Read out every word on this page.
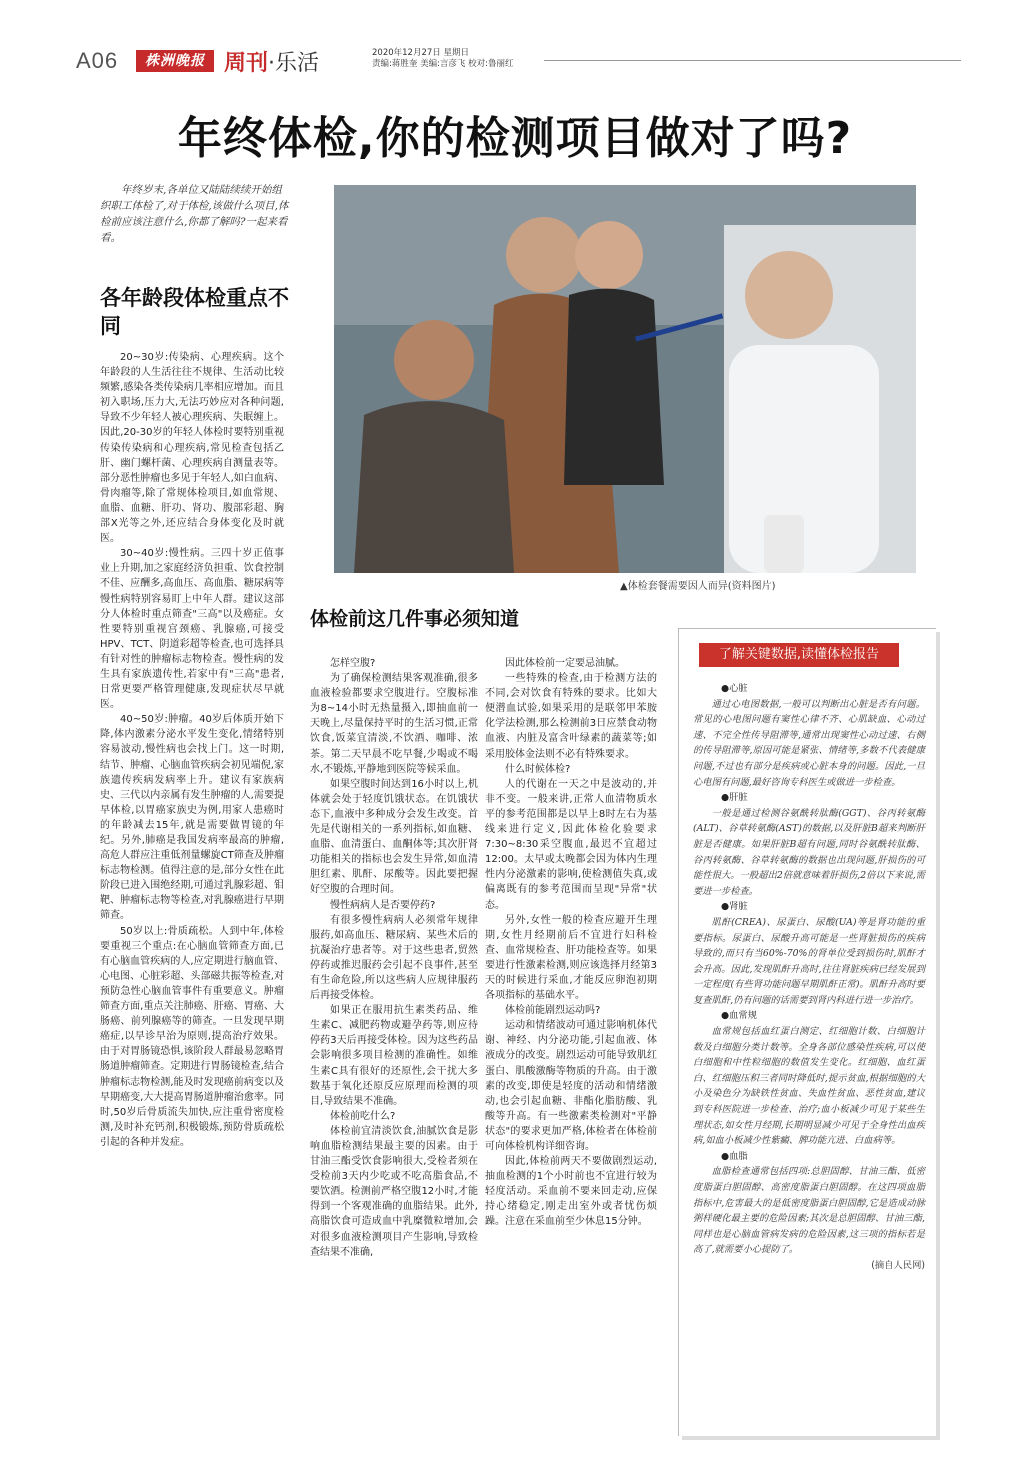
A06	株洲晚报 周刊·乐活	2020年12月27日 星期日
责编:蒋胜奎 美编:言彦飞 校对:鲁丽红
年终体检,你的检测项目做对了吗?

年终岁末,各单位又陆陆续续开始组织职工体检了,对于体检,该做什么项目,体检前应该注意什么,你都了解吗?一起来看看。

各年龄段体检重点不同

20~30岁:传染病、心理疾病。这个年龄段的人生活往往不规律、生活动比较频繁,感染各类传染病几率相应增加。而且初入职场,压力大,无法巧妙应对各种问题,导致不少年轻人被心理疾病、失眠缠上。因此,20-30岁的年轻人体检时要特别重视传染传染病和心理疾病,常见检查包括乙肝、幽门螺杆菌、心理疾病自测量表等。部分恶性肿瘤也多见于年轻人,如白血病、骨肉瘤等,除了常规体检项目,如血常规、血脂、血糖、肝功、肾功、腹部彩超、胸部X光等之外,还应结合身体变化及时就医。

30~40岁:慢性病。三四十岁正值事业上升期,加之家庭经济负担重、饮食控制不佳、应酬多,高血压、高血脂、糖尿病等慢性病特别容易盯上中年人群。建议这部分人体检时重点筛查"三高"以及癌症。女性要特别重视宫颈癌、乳腺癌,可接受HPV、TCT、阴道彩超等检查,也可选择具有针对性的肿瘤标志物检查。慢性病的发生具有家族遗传性,若家中有"三高"患者,日常更要严格管理健康,发现症状尽早就医。

40~50岁:肿瘤。40岁后体质开始下降,体内激素分泌水平发生变化,情绪特别容易波动,慢性病也会找上门。这一时期,结节、肿瘤、心脑血管疾病会初见端倪,家族遗传疾病发病率上升。建议有家族病史、三代以内亲属有发生肿瘤的人,需要提早体检,以胃癌家族史为例,用家人患癌时的年龄减去15年,就是需要做胃镜的年纪。另外,肺癌是我国发病率最高的肿瘤,高危人群应注重低剂量螺旋CT筛查及肿瘤标志物检测。值得注意的是,部分女性在此阶段已进入围绝经期,可通过乳腺彩超、钼靶、肿瘤标志物等检查,对乳腺癌进行早期筛查。

50岁以上:骨质疏松。人到中年,体检要重视三个重点:在心脑血管筛查方面,已有心脑血管疾病的人,应定期进行脑血管、心电图、心脏彩超、头部磁共振等检查,对预防急性心脑血管事件有重要意义。肿瘤筛查方面,重点关注肺癌、肝癌、胃癌、大肠癌、前列腺癌等的筛查。一旦发现早期癌症,以早诊早治为原则,提高治疗效果。由于对胃肠镜恐惧,该阶段人群最易忽略胃肠道肿瘤筛查。定期进行胃肠镜检查,结合肿瘤标志物检测,能及时发现癌前病变以及早期癌变,大大提高胃肠道肿瘤治愈率。同时,50岁后骨质流失加快,应注重骨密度检测,及时补充钙剂,积极锻炼,预防骨质疏松引起的各种并发症。

▲体检套餐需要因人而异(资料图片)
体检前这几件事必须知道

怎样空腹?

为了确保检测结果客观准确,很多血液检验都要求空腹进行。空腹标准为8~14小时无热量摄入,即抽血前一天晚上,尽量保持平时的生活习惯,正常饮食,饭菜宜清淡,不饮酒、咖啡、浓茶。第二天早晨不吃早餐,少喝或不喝水,不锻炼,平静地到医院等候采血。

如果空腹时间达到16小时以上,机体就会处于轻度饥饿状态。在饥饿状态下,血液中多种成分会发生改变。首先是代谢相关的一系列指标,如血糖、血脂、血清蛋白、血酮体等;其次肝肾功能相关的指标也会发生异常,如血清胆红素、肌酐、尿酸等。因此要把握好空腹的合理时间。

慢性病病人是否要停药?

有很多慢性病病人必须常年规律服药,如高血压、糖尿病、某些术后的抗凝治疗患者等。对于这些患者,贸然停药或推迟服药会引起不良事件,甚至有生命危险,所以这些病人应规律服药后再接受体检。

如果正在服用抗生素类药品、维生素C、减肥药物或避孕药等,则应待停药3天后再接受体检。因为这些药品会影响很多项目检测的准确性。如维生素C具有很好的还原性,会干扰大多数基于氧化还原反应原理而检测的项目,导致结果不准确。

体检前吃什么?

体检前宜清淡饮食,油腻饮食是影响血脂检测结果最主要的因素。由于甘油三酯受饮食影响很大,受检者须在受检前3天内少吃或不吃高脂食品,不要饮酒。检测前严格空腹12小时,才能得到一个客观准确的血脂结果。此外,高脂饮食可造成血中乳糜微粒增加,会对很多血液检测项目产生影响,导致检查结果不准确,

因此体检前一定要忌油腻。

一些特殊的检查,由于检测方法的不同,会对饮食有特殊的要求。比如大便潜血试验,如果采用的是联邻甲苯胺化学法检测,那么检测前3日应禁食动物血液、内脏及富含叶绿素的蔬菜等;如采用胶体金法则不必有特殊要求。

什么时候体检?

人的代谢在一天之中是波动的,并非不变。一般来讲,正常人血清物质水平的参考范围都是以早上8时左右为基线来进行定义,因此体检化验要求7:30~8:30采空腹血,最迟不宜超过12:00。太早或太晚都会因为体内生理性内分泌激素的影响,使检测值失真,或偏离既有的参考范围而呈现"异常"状态。

另外,女性一般的检查应避开生理期,女性月经期前后不宜进行妇科检查、血常规检查、肝功能检查等。如果要进行性激素检测,则应该选择月经第3天的时候进行采血,才能反应卵泡初期各项指标的基础水平。

体检前能剧烈运动吗?

运动和情绪波动可通过影响机体代谢、神经、内分泌功能,引起血液、体液成分的改变。剧烈运动可能导致肌红蛋白、肌酸激酶等物质的升高。由于激素的改变,即使是轻度的活动和情绪激动,也会引起血糖、非酯化脂肪酸、乳酸等升高。有一些激素类检测对"平静状态"的要求更加严格,体检者在体检前可向体检机构详细咨询。

因此,体检前两天不要做剧烈运动,抽血检测的1个小时前也不宜进行较为轻度活动。采血前不要来回走动,应保持心绪稳定,刚走出室外或者忧伤烦躁。注意在采血前至少休息15分钟。

了解关键数据,读懂体检报告
●心脏

通过心电图数据,一般可以判断出心脏是否有问题。常见的心电图问题有窦性心律不齐、心肌缺血、心动过速、不完全性传导阻滞等,通常出现窦性心动过速、右侧的传导阻滞等,原因可能是紧张、情绪等,多数不代表健康问题,不过也有部分是疾病或心脏本身的问题。因此,一旦心电图有问题,最好咨询专科医生或做进一步检查。

●肝脏

一般是通过检测谷氨酰转肽酶(GGT)、谷丙转氨酶(ALT)、谷草转氨酶(AST)的数据,以及肝脏B超来判断肝脏是否健康。如果肝脏B超有问题,同时谷氨酰转肽酶、谷丙转氨酶、谷草转氨酶的数据也出现问题,肝损伤的可能性很大。一般超出2倍就意味着肝损伤,2倍以下来说,需要进一步检查。

●肾脏

肌酐(CREA)、尿蛋白、尿酸(UA)等是肾功能的重要指标。尿蛋白、尿酸升高可能是一些肾脏损伤的疾病导致的,而只有当60%-70%的肾单位受到损伤时,肌酐才会升高。因此,发现肌酐升高时,往往肾脏疾病已经发展到一定程度(有些肾功能问题早期肌酐正常)。肌酐升高时要复查肌酐,仍有问题的话需要到肾内科进行进一步治疗。

●血常规

血常规包括血红蛋白测定、红细胞计数、白细胞计数及白细胞分类计数等。全身各部位感染性疾病,可以使白细胞和中性粒细胞的数值发生变化。红细胞、血红蛋白、红细胞压积三者同时降低时,提示贫血,根据细胞的大小及染色分为缺铁性贫血、失血性贫血、恶性贫血,建议到专科医院进一步检查、治疗;血小板减少可见于某些生理状态,如女性月经期,长期明显减少可见于全身性出血疾病,如血小板减少性紫癜、脾功能亢进、白血病等。

●血脂

血脂检查通常包括四项:总胆固醇、甘油三酯、低密度脂蛋白胆固醇、高密度脂蛋白胆固醇。在这四项血脂指标中,危害最大的是低密度脂蛋白胆固醇,它是造成动脉粥样硬化最主要的危险因素;其次是总胆固醇、甘油三酯,同样也是心脑血管病发病的危险因素,这三项的指标若是高了,就需要小心提防了。

(摘自人民网)
